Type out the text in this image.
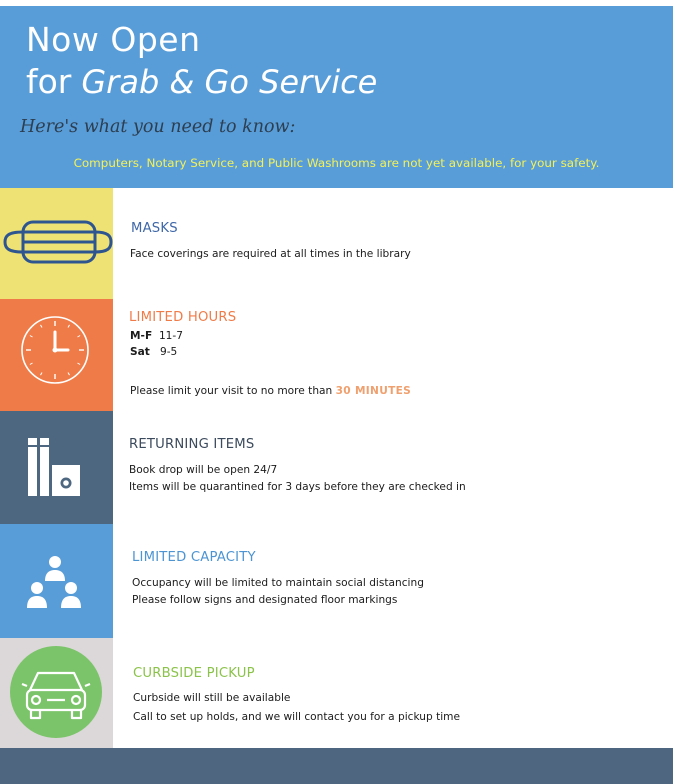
Now Open
for Grab & Go Service
Here's what you need to know:
Computers, Notary Service, and Public Washrooms are not yet available, for your safety.
MASKS
Face coverings are required at all times in the library
LIMITED HOURS
M-F 11-7
Sat 9-5
Please limit your visit to no more than 30 MINUTES
RETURNING ITEMS
Book drop will be open 24/7
Items will be quarantined for 3 days before they are checked in
LIMITED CAPACITY
Occupancy will be limited to maintain social distancing
Please follow signs and designated floor markings
CURBSIDE PICKUP
Curbside will still be available
Call to set up holds, and we will contact you for a pickup time
